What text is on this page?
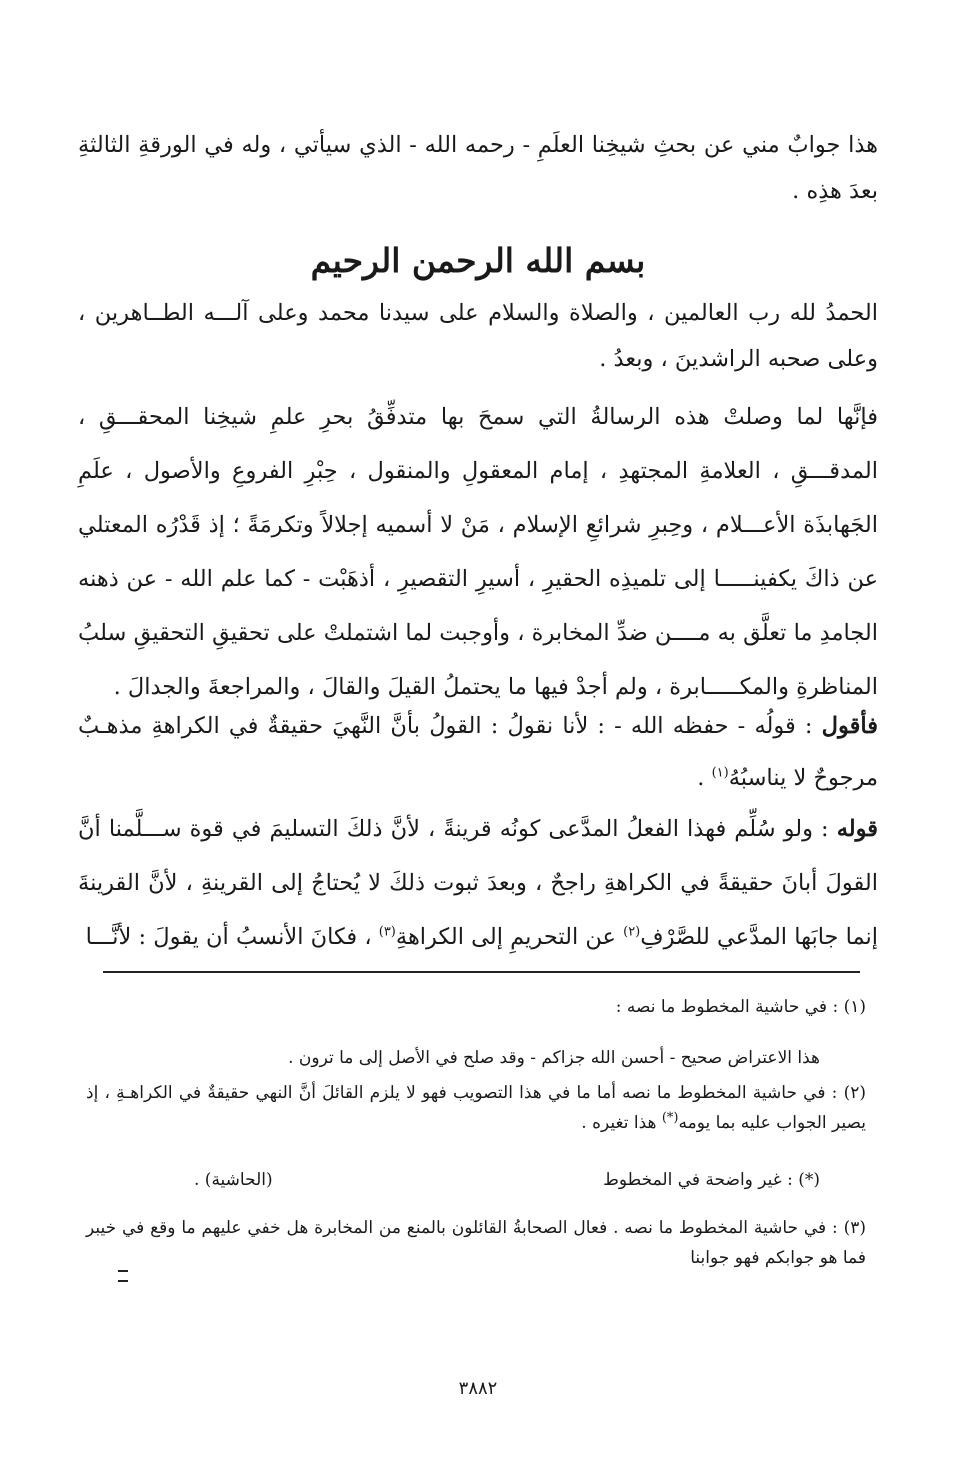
هذا جوابٌ مني عن بحثِ شيخِنا العلَمِ - رحمه الله - الذي سيأتي ، وله في الورقةِ الثالثةِ بعدَ هذِه .
بسم الله الرحمن الرحيم
الحمدُ لله رب العالمين ، والصلاة والسلام على سيدنا محمد وعلى آلـــه الطــاهرين ، وعلى صحبه الراشدينَ ، وبعدُ .
فإنَّها لما وصلتْ هذه الرسالةُ التي سمحَ بها متدفِّقُ بحرِ علمِ شيخِنا المحقـــقِ ، المدقـــقِ ، العلامةِ المجتهدِ ، إمام المعقولِ والمنقول ، حِبْرِ الفروعِ والأصول ، علَمِ الجَهابذَة الأعـــلام ، وحِبرِ شرائعِ الإسلام ، مَنْ لا أسميه إجلالاً وتكرمَةً ؛ إذ قَدْرُه المعتلي عن ذاكَ يكفينـــــا إلى تلميذِه الحقيرِ ، أسيرِ التقصيرِ ، أذهَبْت - كما علم الله - عن ذهنه الجامدِ ما تعلَّق به مــــن ضدِّ المخابرة ، وأوجبت لما اشتملتْ على تحقيقِ التحقيقِ سلبُ المناظرةِ والمكـــــابرة ، ولم أجدْ فيها ما يحتملُ القيلَ والقالَ ، والمراجعةَ والجدالَ .
فأقول : قولُه - حفظه الله - : لأنا نقولُ : القولُ بأنَّ النَّهيَ حقيقةٌ في الكراهةِ مذهـبٌ مرجوحٌ لا يناسبُهُ$^{(١)}$ .
قوله : ولو سُلِّم فهذا الفعلُ المدَّعى كونُه قرينةً ، لأنَّ ذلكَ التسليمَ في قوة ســـلَّمنا أنَّ القولَ أبانَ حقيقةً في الكراهةِ راجحٌ ، وبعدَ ثبوت ذلكَ لا يُحتاجُ إلى القرينةِ ، لأنَّ القرينةَ إنما جابَها المدَّعي للصَّرْفِ$^{(٢)}$ عن التحريمِ إلى الكراهةِ$^{(٣)}$ ، فكانَ الأنسبُ أن يقولَ : لأنَّـــا
(١) : في حاشية المخطوط ما نصه :
هذا الاعتراض صحيح - أحسن الله جزاكم - وقد صلح في الأصل إلى ما ترون .
(٢) : في حاشية المخطوط ما نصه أما ما في هذا التصويب فهو لا يلزم القائلَ أنَّ النهي حقيقةٌ في الكراهـةِ ، إذ يصير الجواب عليه بما يومه(*) هذا تغيره .
(*) : غير واضحة في المخطوط
(الحاشية) .
(٣) : في حاشية المخطوط ما نصه . فعال الصحابةُ القائلون بالمنع من المخابرة هل خفي عليهم ما وقع في خيبر فما هو جوابكم فهو جوابنا
٣٨٨٢
